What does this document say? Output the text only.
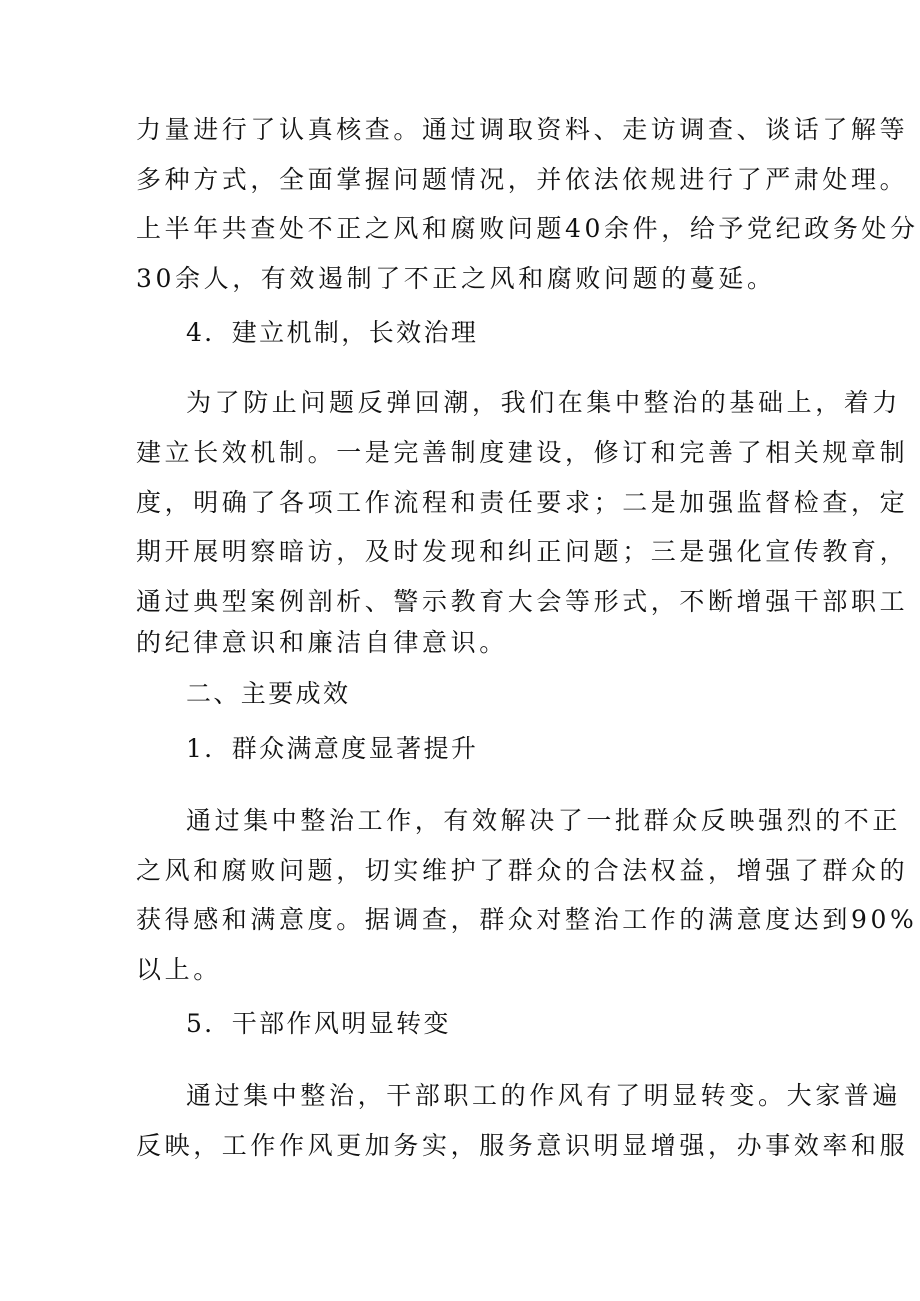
力量进行了认真核查。通过调取资料、走访调查、谈话了解等

多种方式，全面掌握问题情况，并依法依规进行了严肃处理。

上半年共查处不正之风和腐败问题40余件，给予党纪政务处分

30余人，有效遏制了不正之风和腐败问题的蔓延。

4．建立机制，长效治理

为了防止问题反弹回潮，我们在集中整治的基础上，着力

建立长效机制。一是完善制度建设，修订和完善了相关规章制

度，明确了各项工作流程和责任要求；二是加强监督检查，定

期开展明察暗访，及时发现和纠正问题；三是强化宣传教育，

通过典型案例剖析、警示教育大会等形式，不断增强干部职工

的纪律意识和廉洁自律意识。

二、主要成效

1．群众满意度显著提升

通过集中整治工作，有效解决了一批群众反映强烈的不正

之风和腐败问题，切实维护了群众的合法权益，增强了群众的

获得感和满意度。据调查，群众对整治工作的满意度达到90%

以上。

5．干部作风明显转变

通过集中整治，干部职工的作风有了明显转变。大家普遍

反映，工作作风更加务实，服务意识明显增强，办事效率和服
